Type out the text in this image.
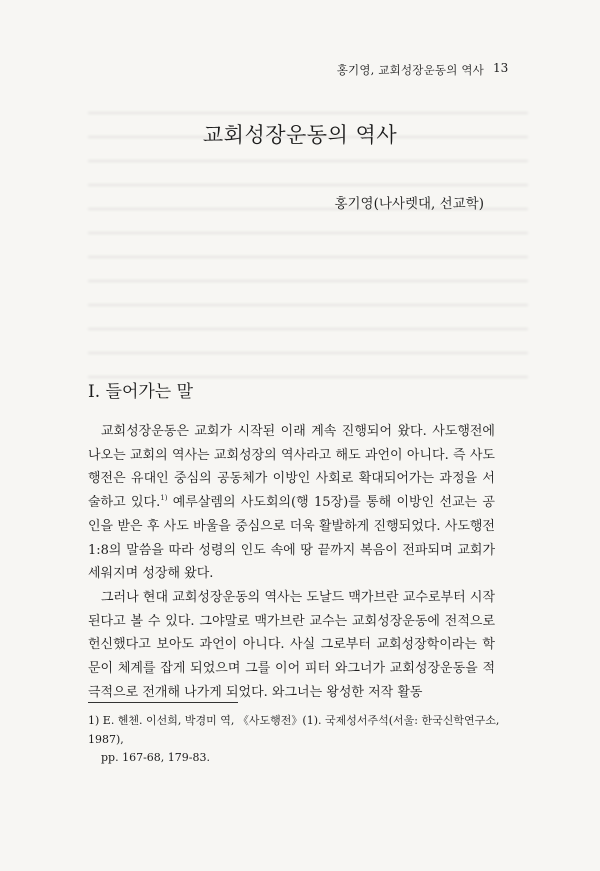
홍기영, 교회성장운동의 역사 13
교회성장운동의 역사
홍기영(나사렛대, 선교학)
I. 들어가는 말

교회성장운동은 교회가 시작된 이래 계속 진행되어 왔다. 사도행전에 나오는 교회의 역사는 교회성장의 역사라고 해도 과언이 아니다. 즉 사도행전은 유대인 중심의 공동체가 이방인 사회로 확대되어가는 과정을 서술하고 있다.$^{1)}$ 예루살렘의 사도회의(행 15장)를 통해 이방인 선교는 공인을 받은 후 사도 바울을 중심으로 더욱 활발하게 진행되었다. 사도행전 1:8의 말씀을 따라 성령의 인도 속에 땅 끝까지 복음이 전파되며 교회가 세워지며 성장해 왔다.

그러나 현대 교회성장운동의 역사는 도날드 맥가브란 교수로부터 시작된다고 볼 수 있다. 그야말로 맥가브란 교수는 교회성장운동에 전적으로 헌신했다고 보아도 과언이 아니다. 사실 그로부터 교회성장학이라는 학문이 체계를 잡게 되었으며 그를 이어 피터 와그너가 교회성장운동을 적극적으로 전개해 나가게 되었다. 와그너는 왕성한 저작 활동

1) E. 헨첸. 이선희, 박경미 역, 《사도행전》(1). 국제성서주석(서울: 한국신학연구소, 1987),
pp. 167-68, 179-83.
